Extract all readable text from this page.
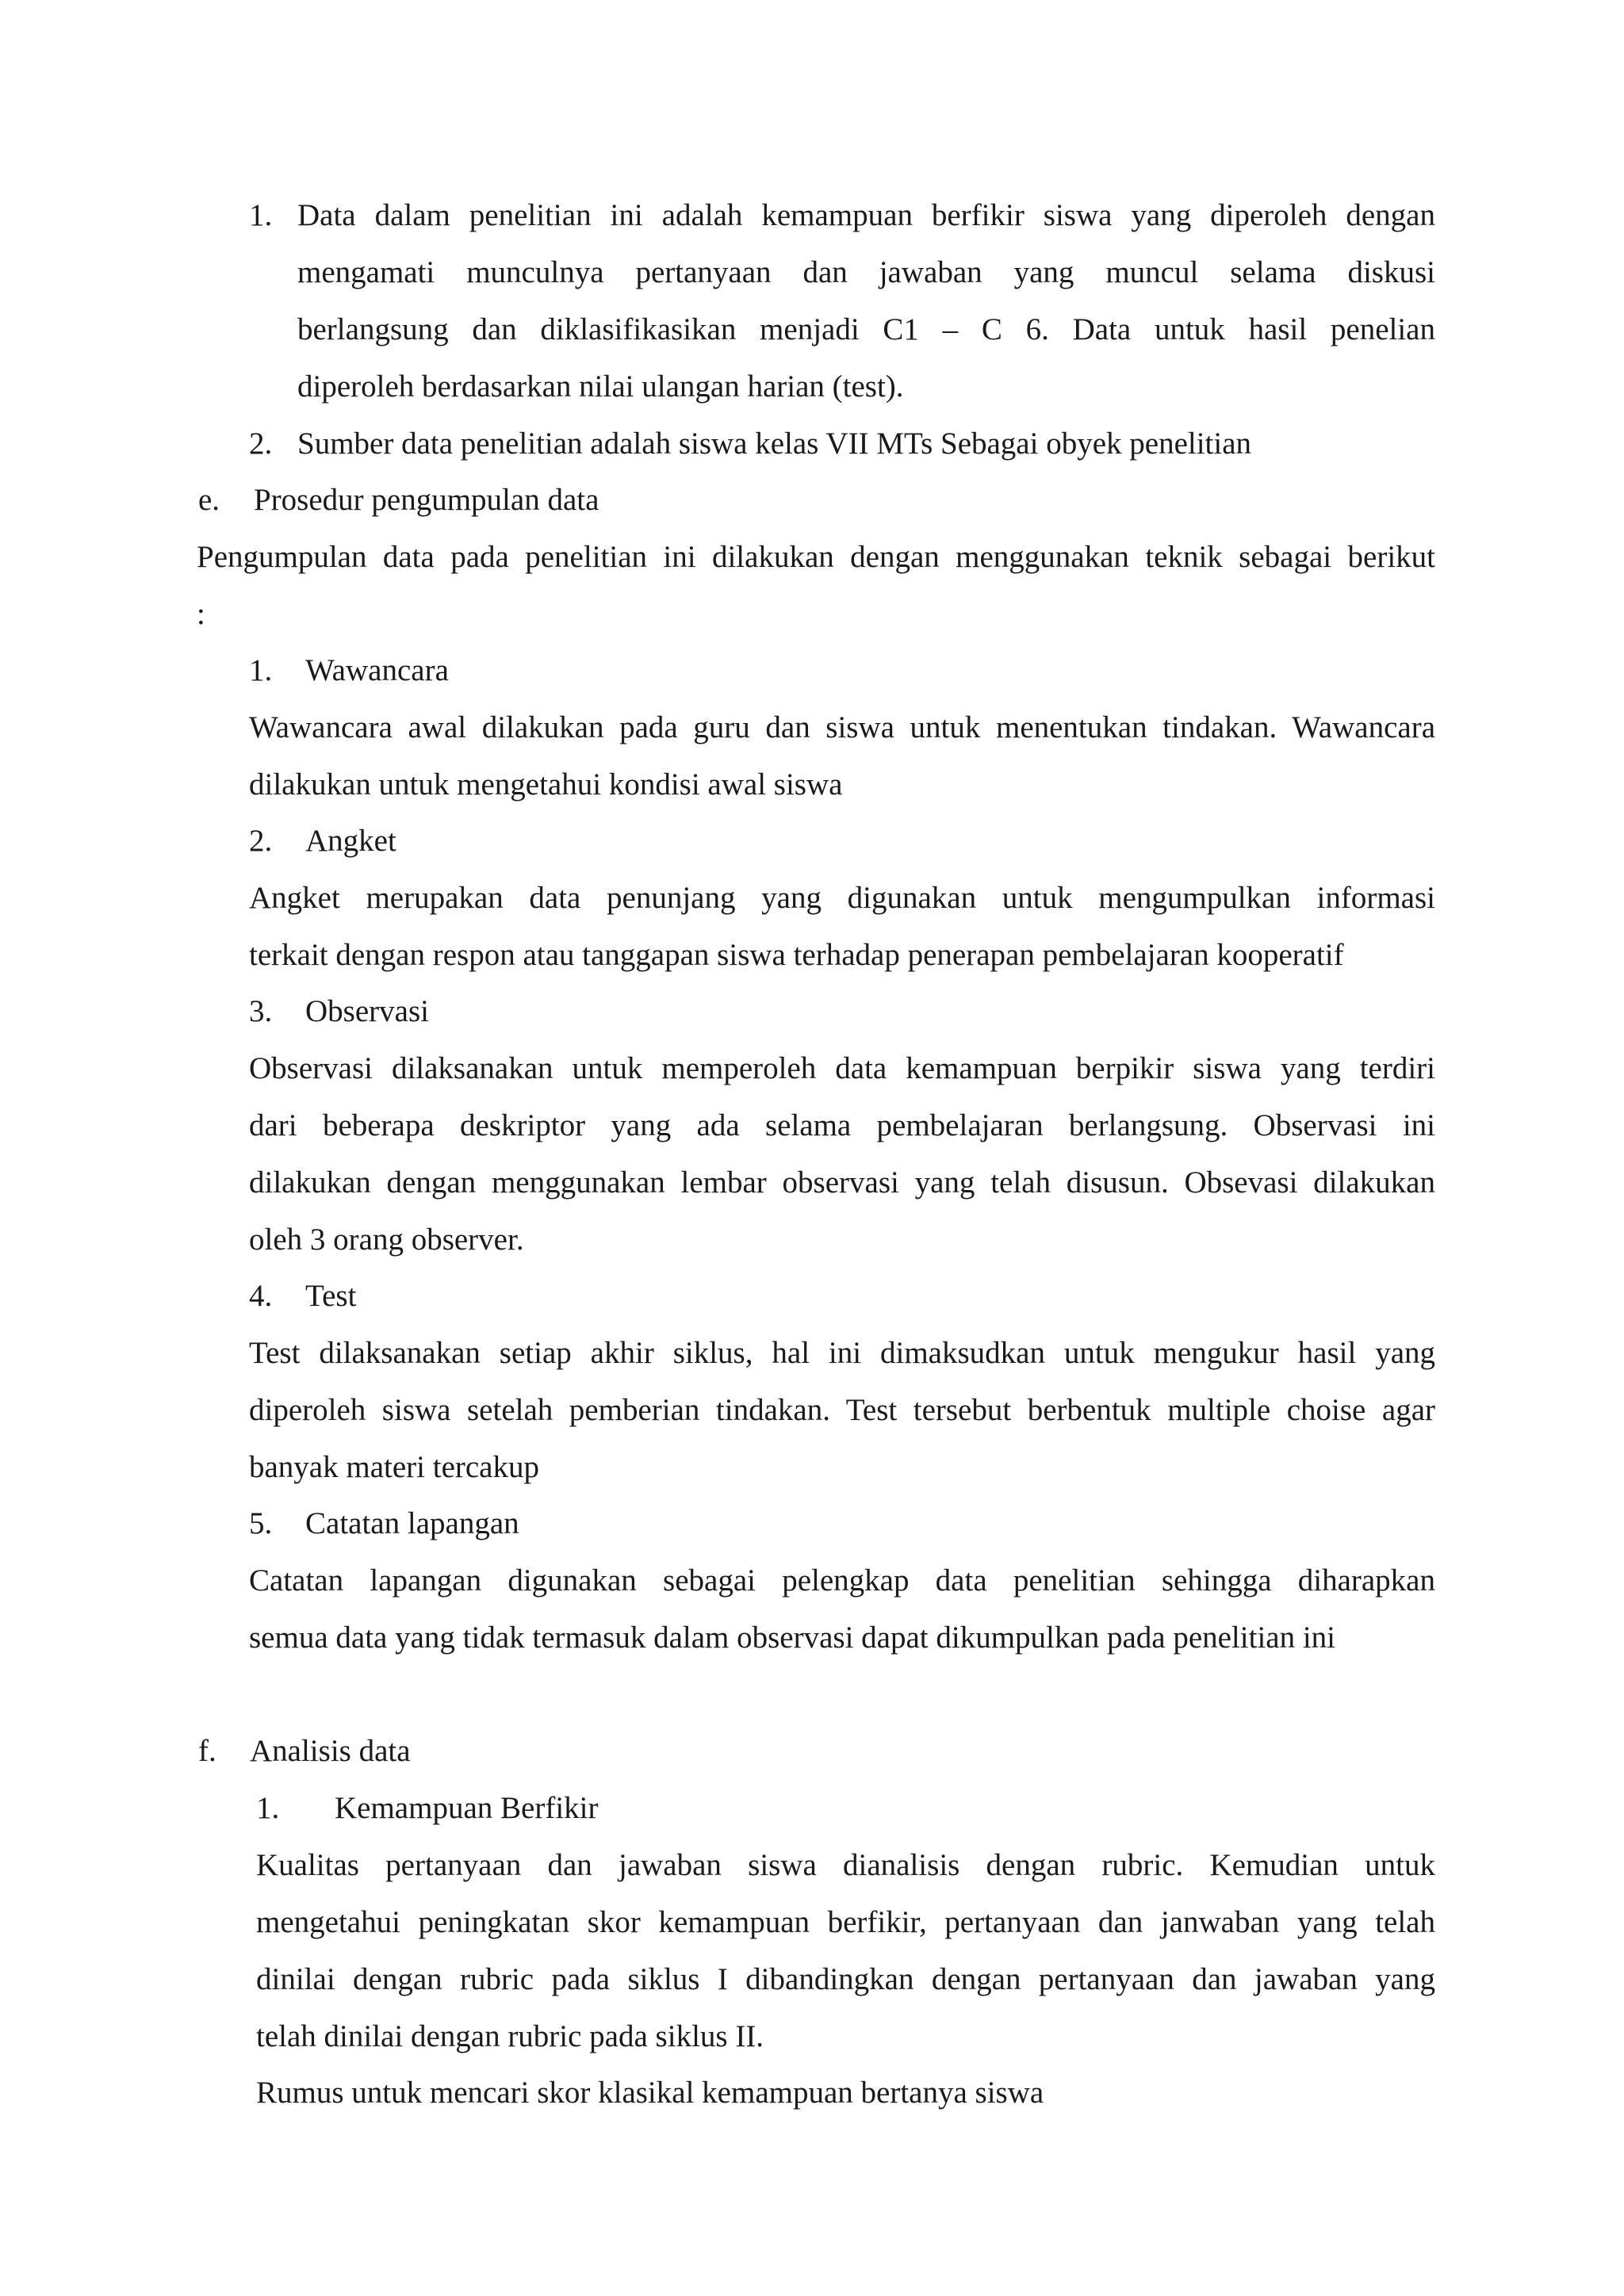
1. Data dalam penelitian ini adalah kemampuan berfikir siswa yang diperoleh dengan

mengamati munculnya pertanyaan dan jawaban yang muncul selama diskusi

berlangsung dan diklasifikasikan menjadi C1 – C 6. Data untuk hasil penelian

diperoleh berdasarkan nilai ulangan harian (test).

2. Sumber data penelitian adalah siswa kelas VII MTs Sebagai obyek penelitian

e. Prosedur pengumpulan data

Pengumpulan data pada penelitian ini dilakukan dengan menggunakan teknik sebagai berikut

:

1. Wawancara

Wawancara awal dilakukan pada guru dan siswa untuk menentukan tindakan. Wawancara

dilakukan untuk mengetahui kondisi awal siswa

2. Angket

Angket merupakan data penunjang yang digunakan untuk mengumpulkan informasi

terkait dengan respon atau tanggapan siswa terhadap penerapan pembelajaran kooperatif

3. Observasi

Observasi dilaksanakan untuk memperoleh data kemampuan berpikir siswa yang terdiri

dari beberapa deskriptor yang ada selama pembelajaran berlangsung. Observasi ini

dilakukan dengan menggunakan lembar observasi yang telah disusun. Obsevasi dilakukan

oleh 3 orang observer.

4. Test

Test dilaksanakan setiap akhir siklus, hal ini dimaksudkan untuk mengukur hasil yang

diperoleh siswa setelah pemberian tindakan. Test tersebut berbentuk multiple choise agar

banyak materi tercakup

5. Catatan lapangan

Catatan lapangan digunakan sebagai pelengkap data penelitian sehingga diharapkan

semua data yang tidak termasuk dalam observasi dapat dikumpulkan pada penelitian ini

f. Analisis data
1. Kemampuan Berfikir

Kualitas pertanyaan dan jawaban siswa dianalisis dengan rubric. Kemudian untuk

mengetahui peningkatan skor kemampuan berfikir, pertanyaan dan janwaban yang telah

dinilai dengan rubric pada siklus I dibandingkan dengan pertanyaan dan jawaban yang

telah dinilai dengan rubric pada siklus II.

Rumus untuk mencari skor klasikal kemampuan bertanya siswa
